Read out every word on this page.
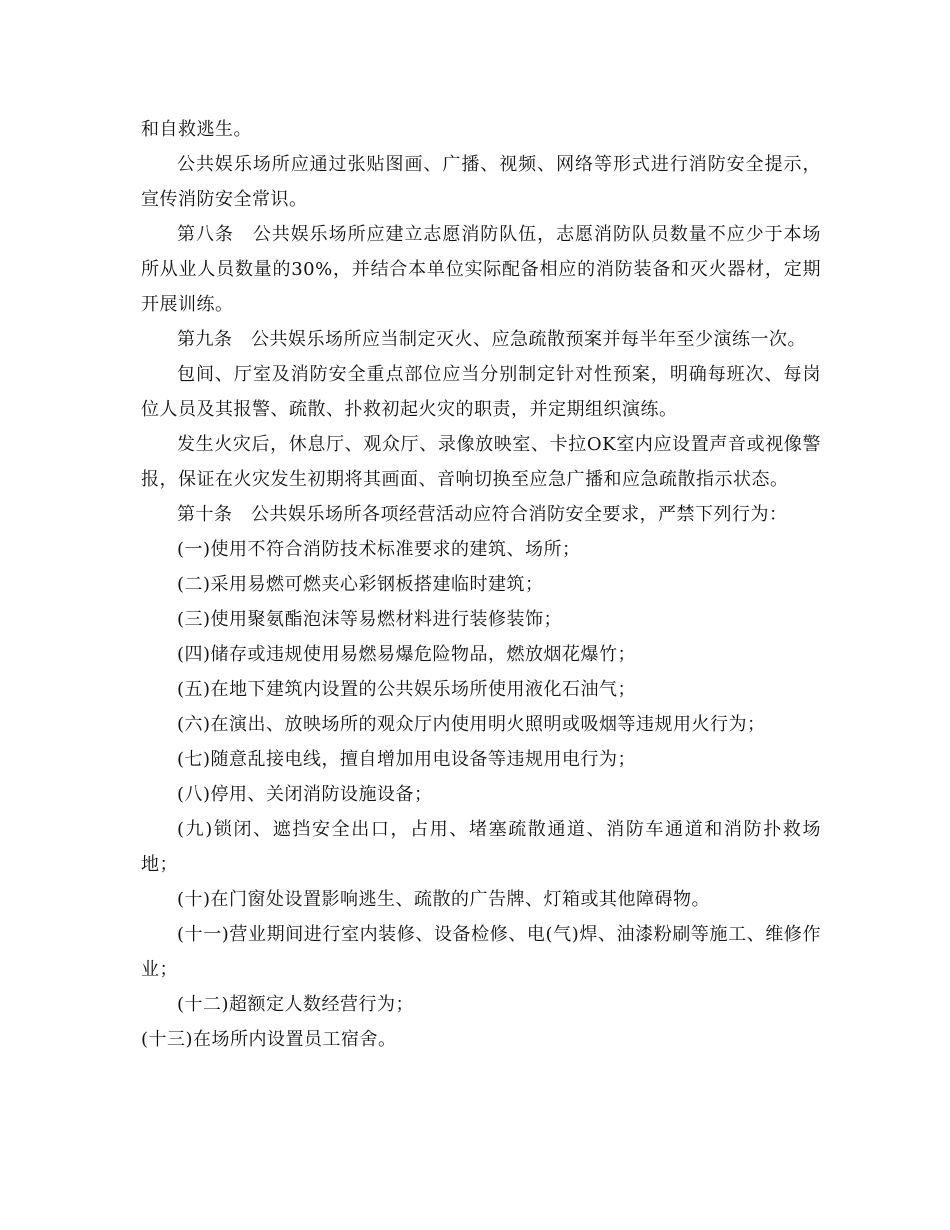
和自救逃生。

公共娱乐场所应通过张贴图画、广播、视频、网络等形式进行消防安全提示，宣传消防安全常识。

第八条　公共娱乐场所应建立志愿消防队伍，志愿消防队员数量不应少于本场所从业人员数量的30%，并结合本单位实际配备相应的消防装备和灭火器材，定期开展训练。

第九条　公共娱乐场所应当制定灭火、应急疏散预案并每半年至少演练一次。

包间、厅室及消防安全重点部位应当分别制定针对性预案，明确每班次、每岗位人员及其报警、疏散、扑救初起火灾的职责，并定期组织演练。

发生火灾后，休息厅、观众厅、录像放映室、卡拉OK室内应设置声音或视像警报，保证在火灾发生初期将其画面、音响切换至应急广播和应急疏散指示状态。

第十条　公共娱乐场所各项经营活动应符合消防安全要求，严禁下列行为：

(一)使用不符合消防技术标准要求的建筑、场所；

(二)采用易燃可燃夹心彩钢板搭建临时建筑；

(三)使用聚氨酯泡沫等易燃材料进行装修装饰；

(四)储存或违规使用易燃易爆危险物品，燃放烟花爆竹；

(五)在地下建筑内设置的公共娱乐场所使用液化石油气；

(六)在演出、放映场所的观众厅内使用明火照明或吸烟等违规用火行为；

(七)随意乱接电线，擅自增加用电设备等违规用电行为；

(八)停用、关闭消防设施设备；

(九)锁闭、遮挡安全出口，占用、堵塞疏散通道、消防车通道和消防扑救场地；

(十)在门窗处设置影响逃生、疏散的广告牌、灯箱或其他障碍物。

(十一)营业期间进行室内装修、设备检修、电(气)焊、油漆粉刷等施工、维修作业；

(十二)超额定人数经营行为；

(十三)在场所内设置员工宿舍。
